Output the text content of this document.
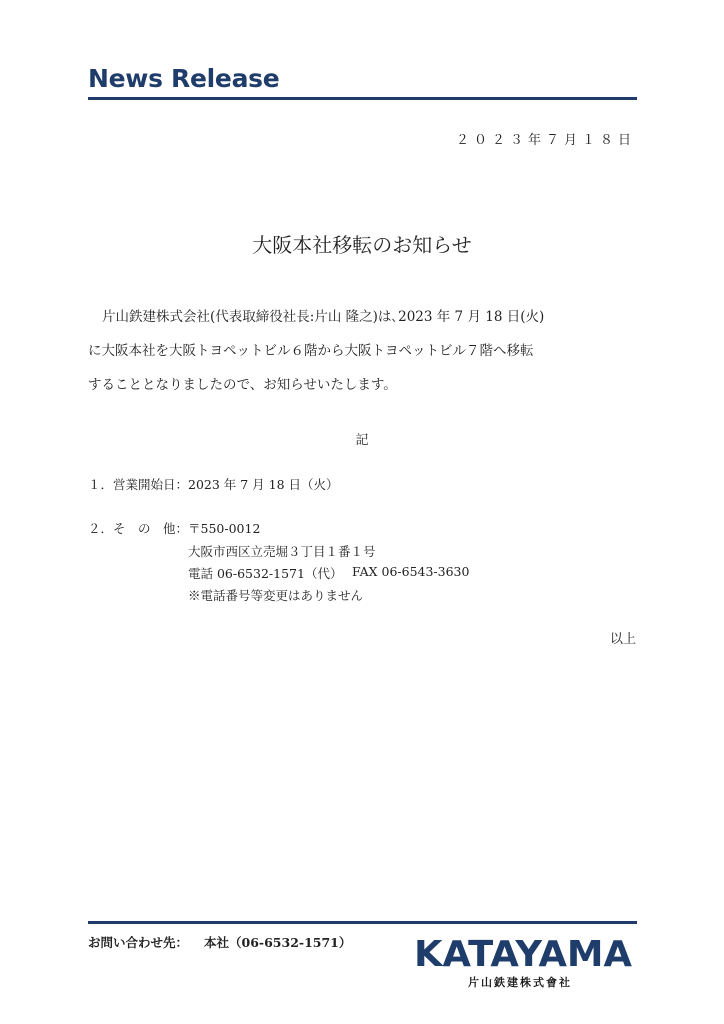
News Release
２０２３年７月１８日
大阪本社移転のお知らせ
片山鉄建株式会社(代表取締役社長:片山 隆之)は､2023 年 7 月 18 日(火)
に大阪本社を大阪トヨペットビル６階から大阪トヨペットビル７階へ移転
することとなりましたので、お知らせいたします。
記
１．営業開始日： 2023 年 7 月 18 日（火）
２．そ　の　他： 〒550-0012
大阪市西区立売堀３丁目１番１号
電話 06-6532-1571（代） FAX 06-6543-3630
※電話番号等変更はありません
以上
お問い合わせ先： 本社（06-6532-1571） KATAYAMA
片山鉄建株式會社
